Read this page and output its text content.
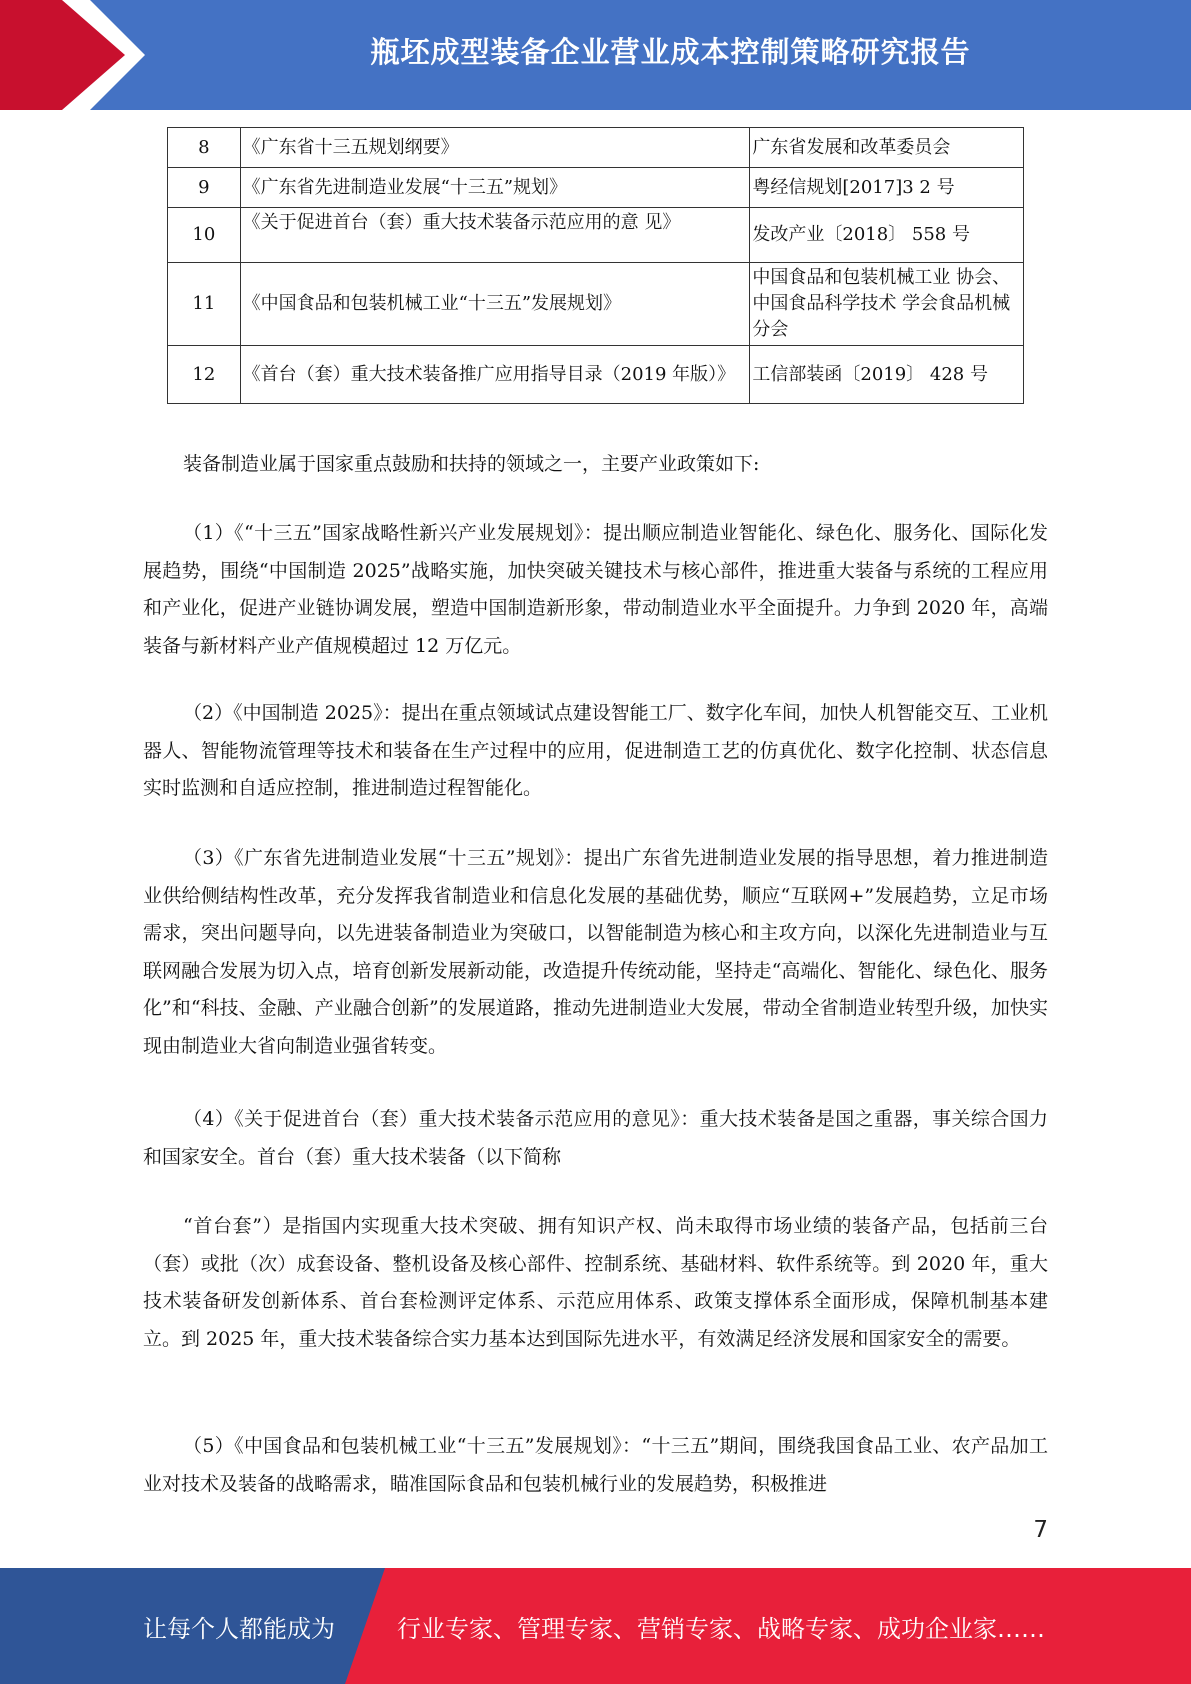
瓶坯成型装备企业营业成本控制策略研究报告
8	《广东省十三五规划纲要》	广东省发展和改革委员会
9	《广东省先进制造业发展“十三五”规划》	粤经信规划[2017]3 2 号
10	《关于促进首台（套）重大技术装备示范应用的意 见》	发改产业〔2018〕 558 号
11	《中国食品和包装机械工业“十三五”发展规划》	中国食品和包装机械工业 协会、中国食品科学技术 学会食品机械分会
12	《首台（套）重大技术装备推广应用指导目录（2019 年版）》	工信部装函〔2019〕 428 号

装备制造业属于国家重点鼓励和扶持的领域之一，主要产业政策如下:

（1）《“十三五”国家战略性新兴产业发展规划》：提出顺应制造业智能化、绿色化、服务化、国际化发展趋势，围绕“中国制造 2025”战略实施，加快突破关键技术与核心部件，推进重大装备与系统的工程应用和产业化，促进产业链协调发展，塑造中国制造新形象，带动制造业水平全面提升。力争到 2020 年，高端装备与新材料产业产值规模超过 12 万亿元。

（2）《中国制造 2025》：提出在重点领域试点建设智能工厂、数字化车间，加快人机智能交互、工业机器人、智能物流管理等技术和装备在生产过程中的应用，促进制造工艺的仿真优化、数字化控制、状态信息实时监测和自适应控制，推进制造过程智能化。

（3）《广东省先进制造业发展“十三五”规划》：提出广东省先进制造业发展的指导思想，着力推进制造业供给侧结构性改革，充分发挥我省制造业和信息化发展的基础优势，顺应“互联网+”发展趋势，立足市场需求，突出问题导向，以先进装备制造业为突破口，以智能制造为核心和主攻方向，以深化先进制造业与互联网融合发展为切入点，培育创新发展新动能，改造提升传统动能，坚持走“高端化、智能化、绿色化、服务化”和“科技、金融、产业融合创新”的发展道路，推动先进制造业大发展，带动全省制造业转型升级，加快实现由制造业大省向制造业强省转变。

（4）《关于促进首台（套）重大技术装备示范应用的意见》：重大技术装备是国之重器，事关综合国力和国家安全。首台（套）重大技术装备（以下简称

“首台套”）是指国内实现重大技术突破、拥有知识产权、尚未取得市场业绩的装备产品，包括前三台（套）或批（次）成套设备、整机设备及核心部件、控制系统、基础材料、软件系统等。到 2020 年，重大技术装备研发创新体系、首台套检测评定体系、示范应用体系、政策支撑体系全面形成，保障机制基本建立。到 2025 年，重大技术装备综合实力基本达到国际先进水平，有效满足经济发展和国家安全的需要。

（5）《中国食品和包装机械工业“十三五”发展规划》：“十三五”期间，围绕我国食品工业、农产品加工业对技术及装备的战略需求，瞄准国际食品和包装机械行业的发展趋势，积极推进

7
让每个人都能成为	行业专家、管理专家、营销专家、战略专家、成功企业家……
